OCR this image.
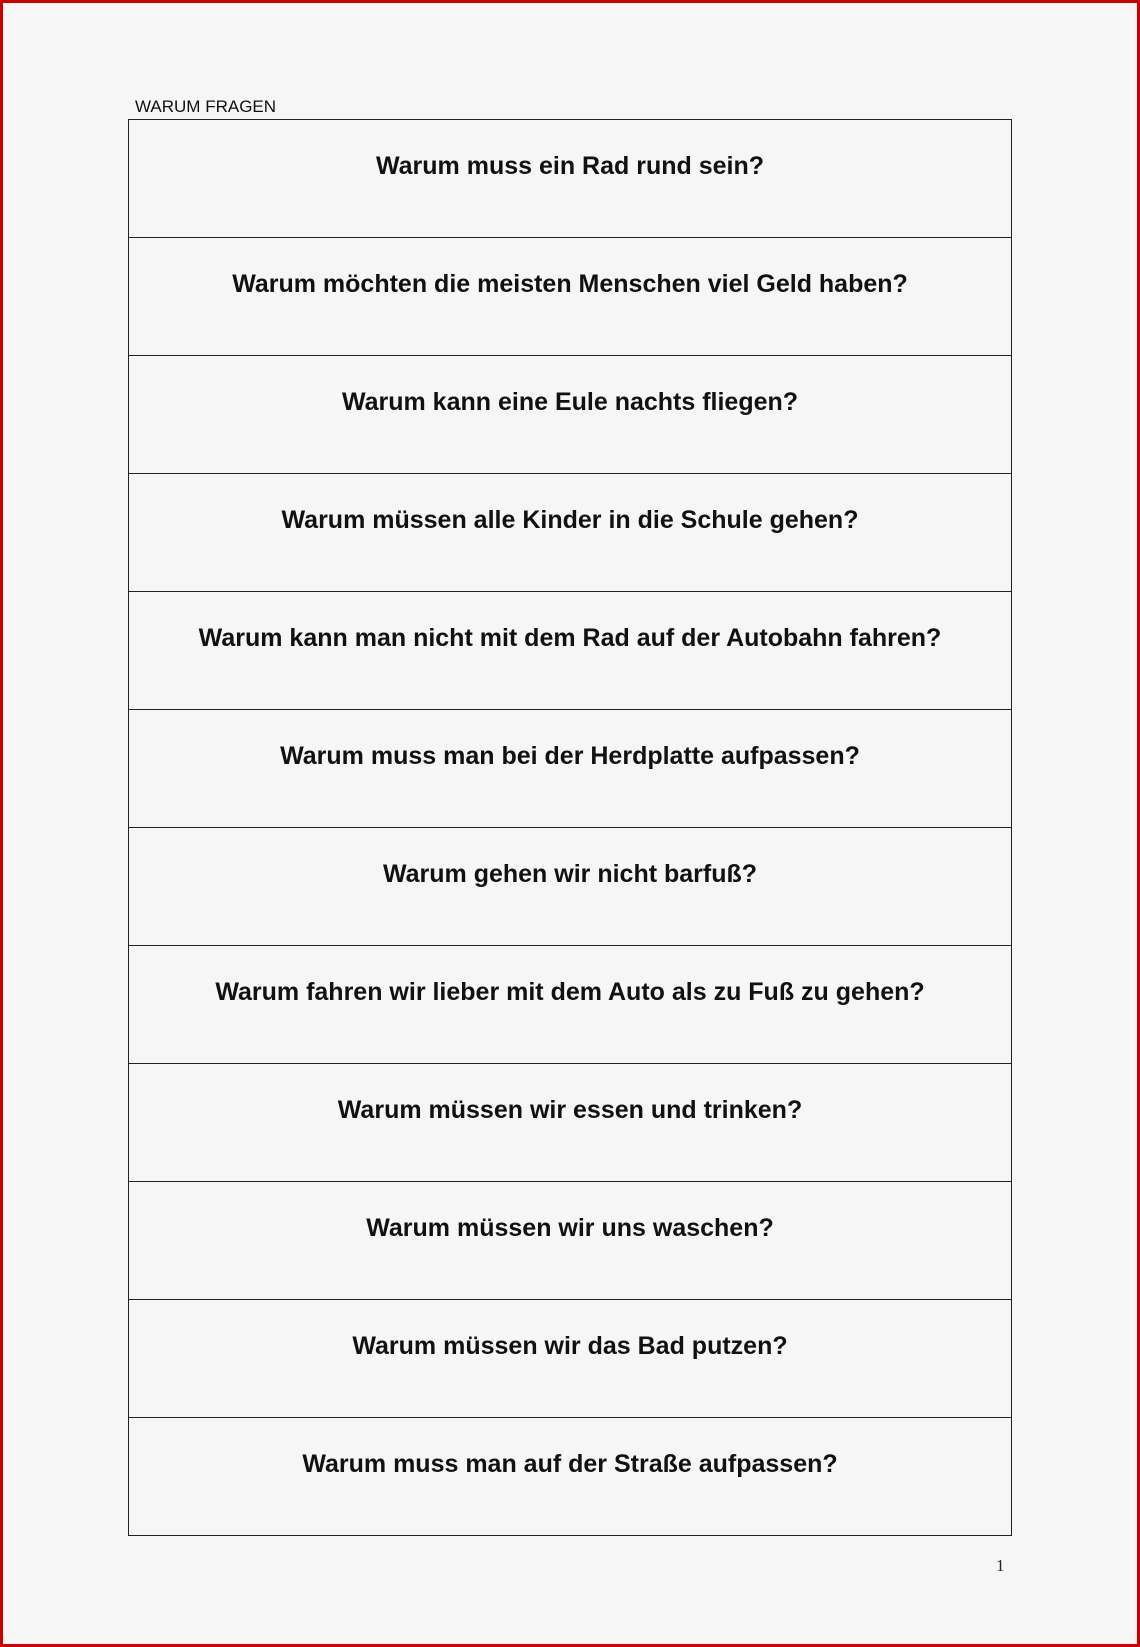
WARUM FRAGEN
Warum muss ein Rad rund sein?
Warum möchten die meisten Menschen viel Geld haben?
Warum kann eine Eule nachts fliegen?
Warum müssen alle Kinder in die Schule gehen?
Warum kann man nicht mit dem Rad auf der Autobahn fahren?
Warum muss man bei der Herdplatte aufpassen?
Warum gehen wir nicht barfuß?
Warum fahren wir lieber mit dem Auto als zu Fuß zu gehen?
Warum müssen wir essen und trinken?
Warum müssen wir uns waschen?
Warum müssen wir das Bad putzen?
Warum muss man auf der Straße aufpassen?
1
